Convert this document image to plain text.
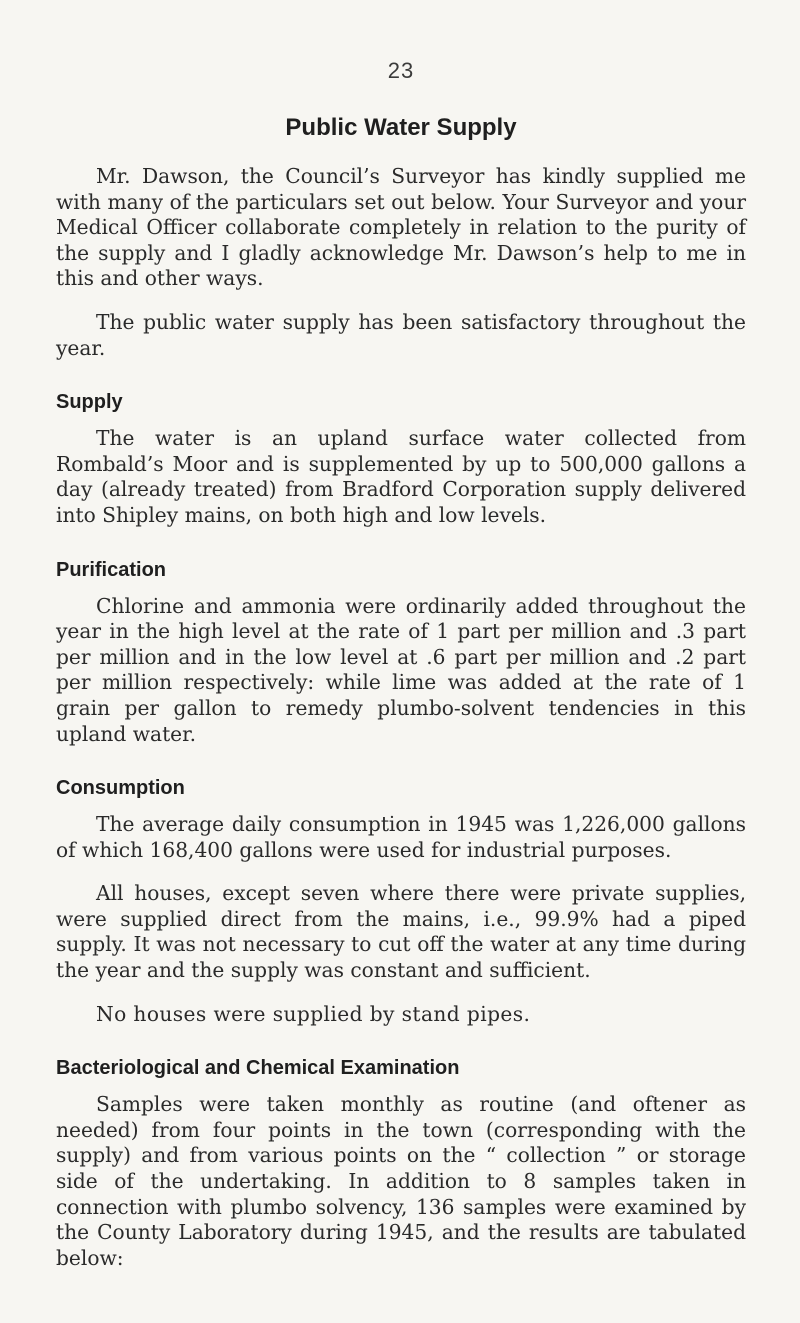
23
Public Water Supply

Mr. Dawson, the Council’s Surveyor has kindly supplied me with many of the particulars set out below. Your Surveyor and your Medical Officer collaborate completely in relation to the purity of the supply and I gladly acknowledge Mr. Dawson’s help to me in this and other ways.

The public water supply has been satisfactory throughout the year.

Supply

The water is an upland surface water collected from Rombald’s Moor and is supplemented by up to 500,000 gallons a day (already treated) from Bradford Corporation supply delivered into Shipley mains, on both high and low levels.

Purification

Chlorine and ammonia were ordinarily added throughout the year in the high level at the rate of 1 part per million and .3 part per million and in the low level at .6 part per million and .2 part per million respectively: while lime was added at the rate of 1 grain per gallon to remedy plumbo-solvent tendencies in this upland water.

Consumption

The average daily consumption in 1945 was 1,226,000 gallons of which 168,400 gallons were used for industrial purposes.

All houses, except seven where there were private supplies, were supplied direct from the mains, i.e., 99.9% had a piped supply. It was not necessary to cut off the water at any time during the year and the supply was constant and sufficient.

No houses were supplied by stand pipes.

Bacteriological and Chemical Examination

Samples were taken monthly as routine (and oftener as needed) from four points in the town (corresponding with the supply) and from various points on the “ collection ” or storage side of the undertaking. In addition to 8 samples taken in connection with plumbo solvency, 136 samples were examined by the County Laboratory during 1945, and the results are tabulated below:
